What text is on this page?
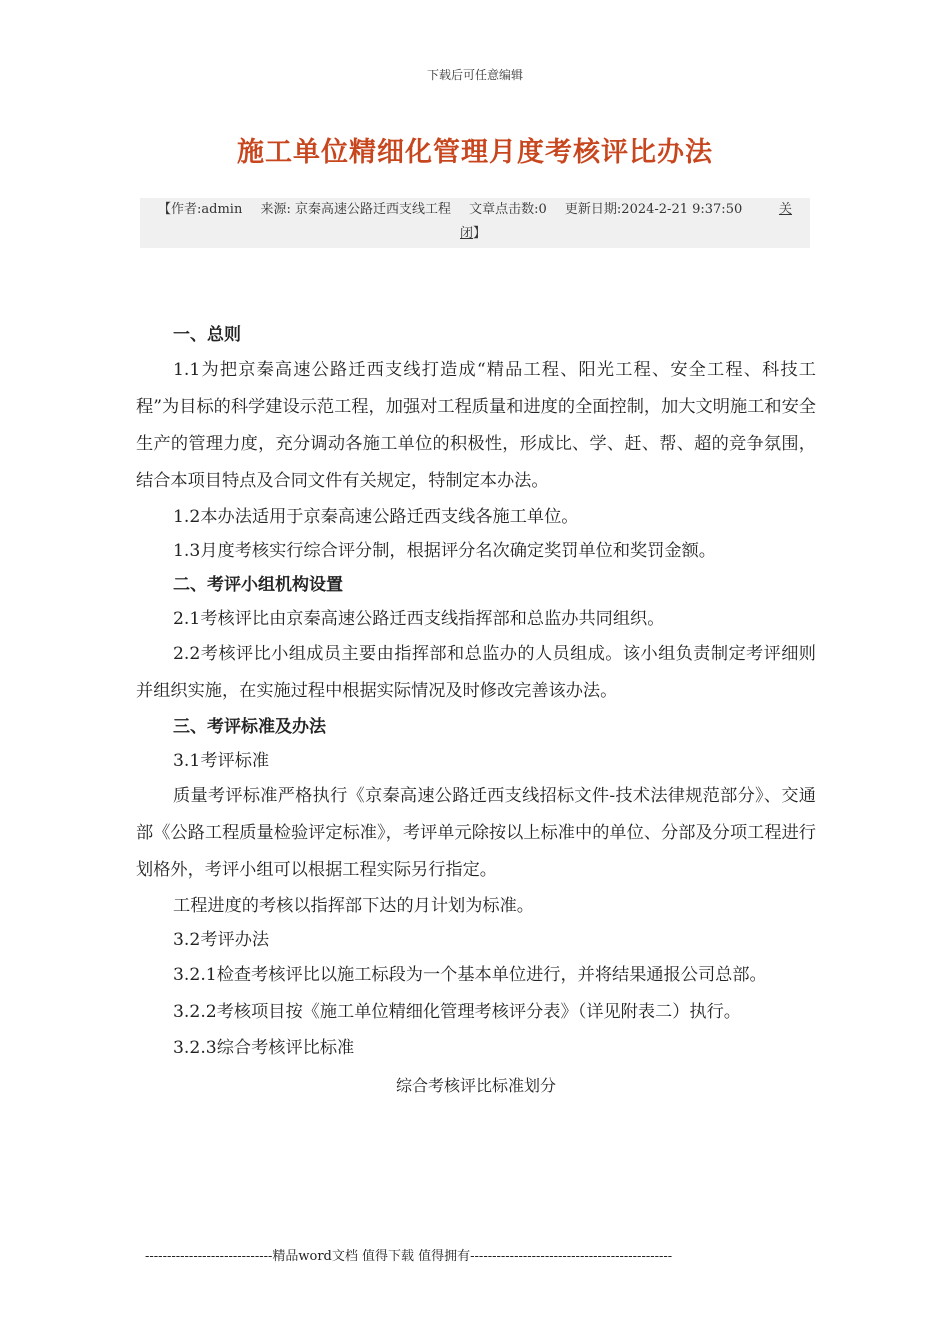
下载后可任意编辑
施工单位精细化管理月度考核评比办法
【作者:admin 来源: 京秦高速公路迁西支线工程 文章点击数:0 更新日期:2024-2-21 9:37:50	关
闭】
一、总则
1.1为把京秦高速公路迁西支线打造成“精品工程、阳光工程、安全工程、科技工程”为目标的科学建设示范工程，加强对工程质量和进度的全面控制，加大文明施工和安全生产的管理力度，充分调动各施工单位的积极性，形成比、学、赶、帮、超的竞争氛围，结合本项目特点及合同文件有关规定，特制定本办法。
1.2本办法适用于京秦高速公路迁西支线各施工单位。
1.3月度考核实行综合评分制，根据评分名次确定奖罚单位和奖罚金额。
二、考评小组机构设置
2.1考核评比由京秦高速公路迁西支线指挥部和总监办共同组织。
2.2考核评比小组成员主要由指挥部和总监办的人员组成。该小组负责制定考评细则并组织实施，在实施过程中根据实际情况及时修改完善该办法。
三、考评标准及办法
3.1考评标准
质量考评标准严格执行《京秦高速公路迁西支线招标文件-技术法律规范部分》、交通部《公路工程质量检验评定标准》，考评单元除按以上标准中的单位、分部及分项工程进行划格外，考评小组可以根据工程实际另行指定。
工程进度的考核以指挥部下达的月计划为标准。
3.2考评办法
3.2.1检查考核评比以施工标段为一个基本单位进行，并将结果通报公司总部。
3.2.2考核项目按《施工单位精细化管理考核评分表》（详见附表二）执行。
3.2.3综合考核评比标准
综合考核评比标准划分
-----------------------------精品word文档 值得下载 值得拥有----------------------------------------------
